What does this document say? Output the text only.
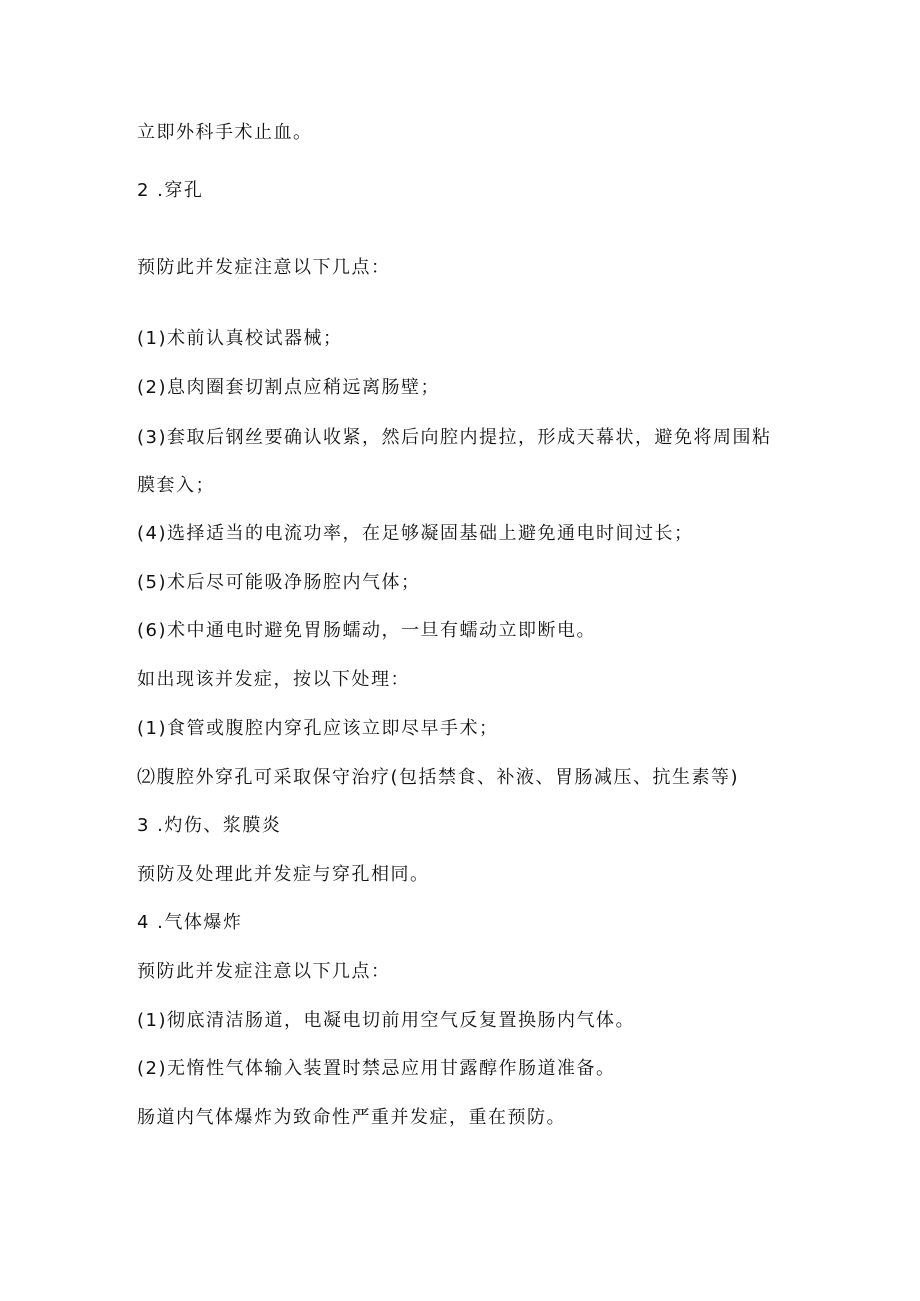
立即外科手术止血。
2 .穿孔
预防此并发症注意以下几点：
(1)术前认真校试器械；
(2)息肉圈套切割点应稍远离肠壁；
(3)套取后钢丝要确认收紧，然后向腔内提拉，形成天幕状，避免将周围粘
膜套入；
(4)选择适当的电流功率，在足够凝固基础上避免通电时间过长；
(5)术后尽可能吸净肠腔内气体；
(6)术中通电时避免胃肠蠕动，一旦有蠕动立即断电。
如出现该并发症，按以下处理：
(1)食管或腹腔内穿孔应该立即尽早手术；
⑵腹腔外穿孔可采取保守治疗(包括禁食、补液、胃肠减压、抗生素等)
3 .灼伤、浆膜炎
预防及处理此并发症与穿孔相同。
4 .气体爆炸
预防此并发症注意以下几点：
(1)彻底清洁肠道，电凝电切前用空气反复置换肠内气体。
(2)无惰性气体输入装置时禁忌应用甘露醇作肠道准备。
肠道内气体爆炸为致命性严重并发症，重在预防。
